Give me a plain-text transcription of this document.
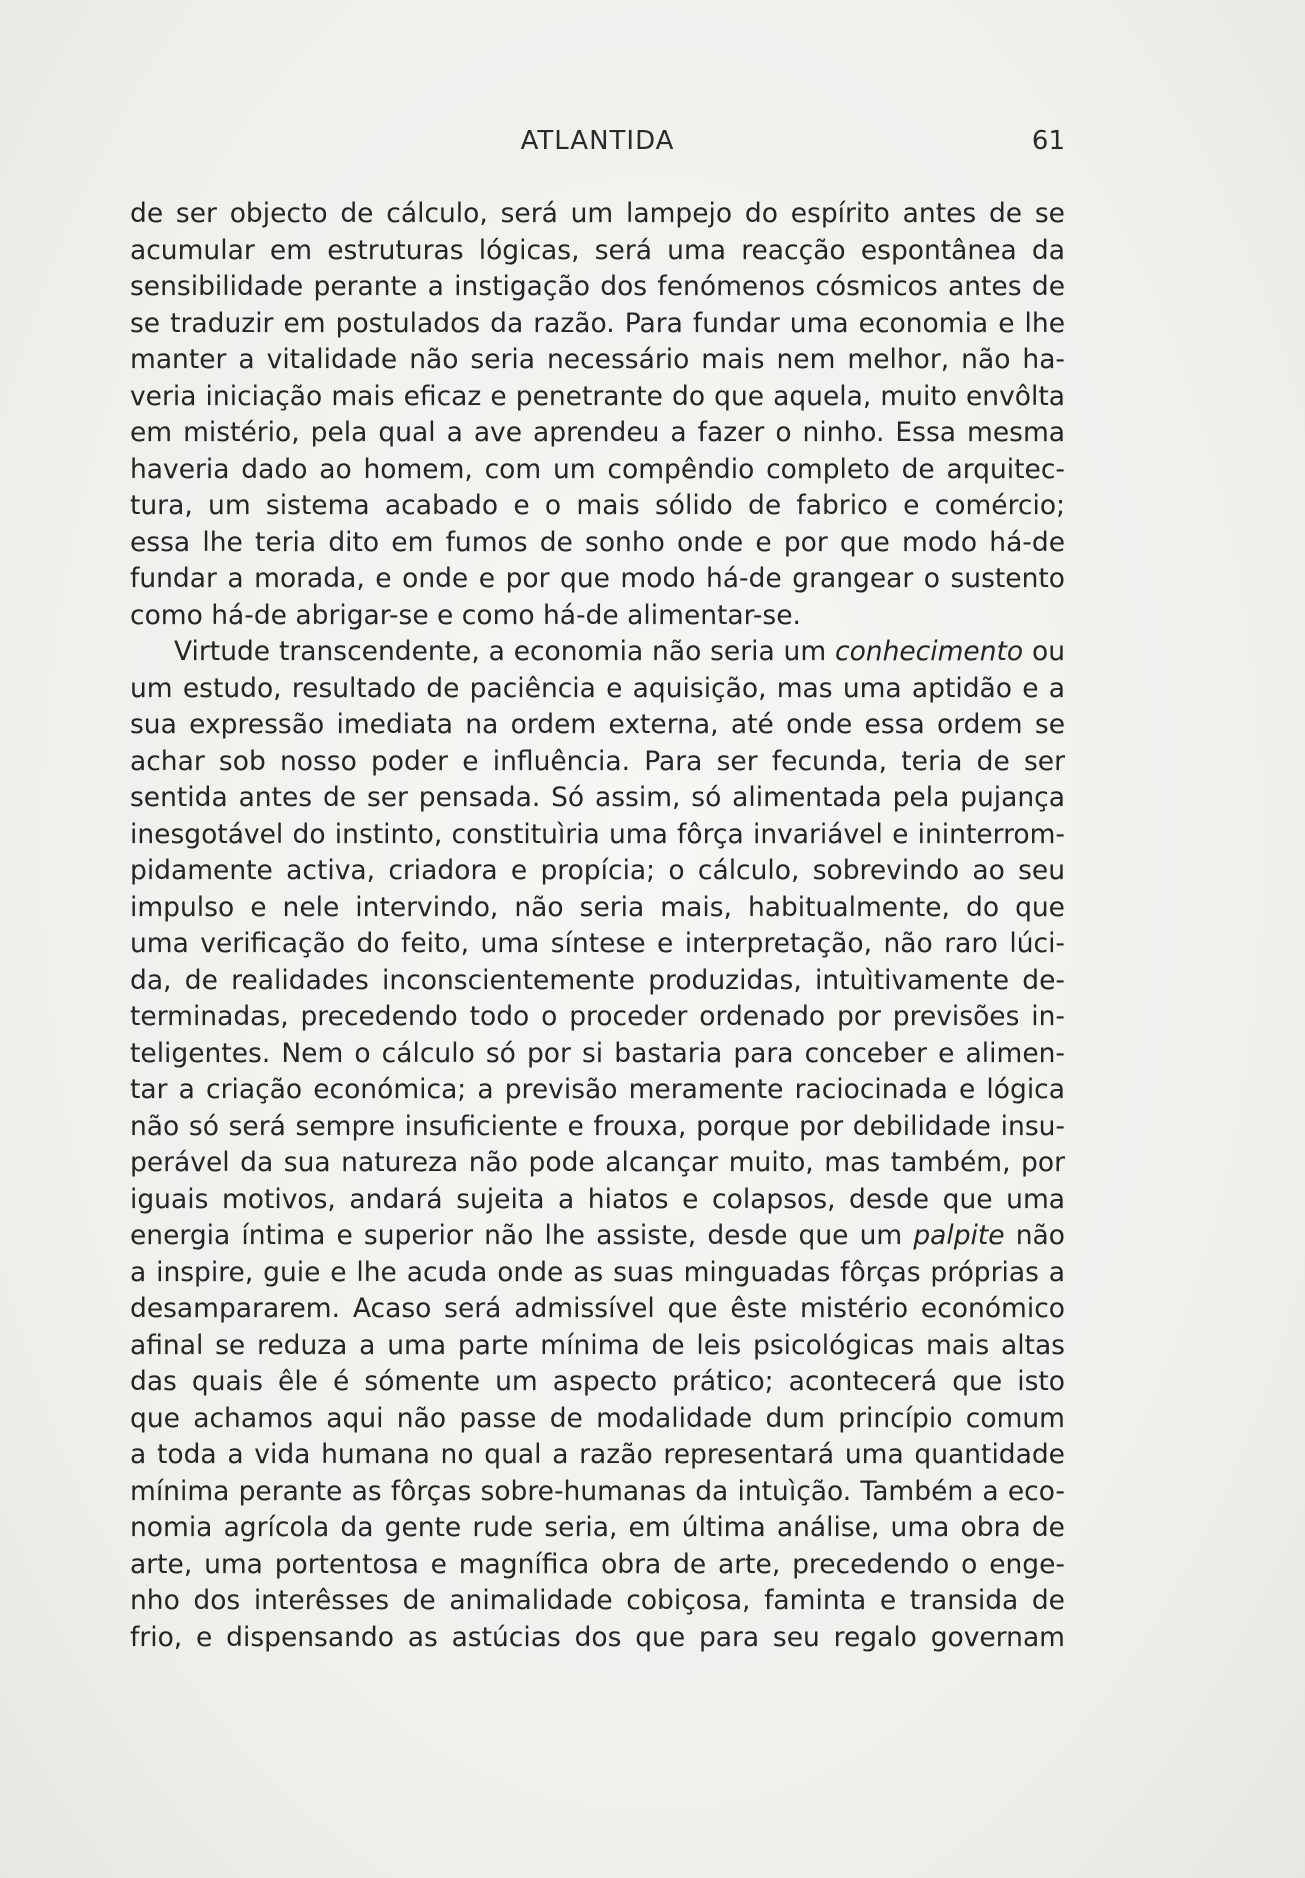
ATLANTIDA	61
de ser objecto de cálculo, será um lampejo do espírito antes de se
acumular em estruturas lógicas, será uma reacção espontânea da
sensibilidade perante a instigação dos fenómenos cósmicos antes de
se traduzir em postulados da razão. Para fundar uma economia e lhe
manter a vitalidade não seria necessário mais nem melhor, não ha-
veria iniciação mais eficaz e penetrante do que aquela, muito envôlta
em mistério, pela qual a ave aprendeu a fazer o ninho. Essa mesma
haveria dado ao homem, com um compêndio completo de arquitec-
tura, um sistema acabado e o mais sólido de fabrico e comércio;
essa lhe teria dito em fumos de sonho onde e por que modo há-de
fundar a morada, e onde e por que modo há-de grangear o sustento
como há-de abrigar-se e como há-de alimentar-se.
Virtude transcendente, a economia não seria um conhecimento ou
um estudo, resultado de paciência e aquisição, mas uma aptidão e a
sua expressão imediata na ordem externa, até onde essa ordem se
achar sob nosso poder e influência. Para ser fecunda, teria de ser
sentida antes de ser pensada. Só assim, só alimentada pela pujança
inesgotável do instinto, constituìria uma fôrça invariável e ininterrom-
pidamente activa, criadora e propícia; o cálculo, sobrevindo ao seu
impulso e nele intervindo, não seria mais, habitualmente, do que
uma verificação do feito, uma síntese e interpretação, não raro lúci-
da, de realidades inconscientemente produzidas, intuìtivamente de-
terminadas, precedendo todo o proceder ordenado por previsões in-
teligentes. Nem o cálculo só por si bastaria para conceber e alimen-
tar a criação económica; a previsão meramente raciocinada e lógica
não só será sempre insuficiente e frouxa, porque por debilidade insu-
perável da sua natureza não pode alcançar muito, mas também, por
iguais motivos, andará sujeita a hiatos e colapsos, desde que uma
energia íntima e superior não lhe assiste, desde que um palpite não
a inspire, guie e lhe acuda onde as suas minguadas fôrças próprias a
desampararem. Acaso será admissível que êste mistério económico
afinal se reduza a uma parte mínima de leis psicológicas mais altas
das quais êle é sómente um aspecto prático; acontecerá que isto
que achamos aqui não passe de modalidade dum princípio comum
a toda a vida humana no qual a razão representará uma quantidade
mínima perante as fôrças sobre-humanas da intuìção. Também a eco-
nomia agrícola da gente rude seria, em última análise, uma obra de
arte, uma portentosa e magnífica obra de arte, precedendo o enge-
nho dos interêsses de animalidade cobiçosa, faminta e transida de
frio, e dispensando as astúcias dos que para seu regalo governam
